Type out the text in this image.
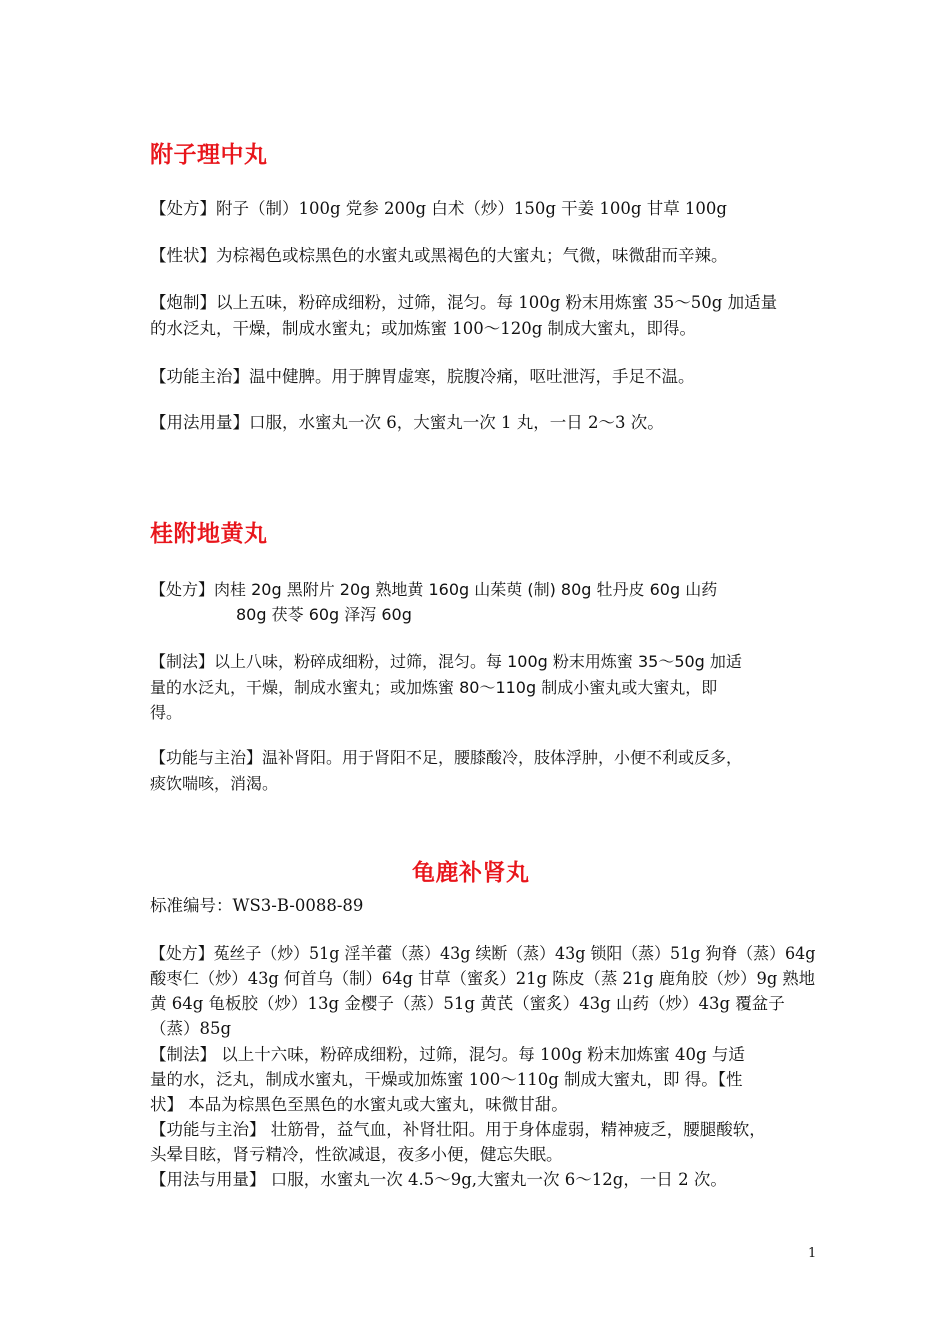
附子理中丸
【处方】附子（制）100g 党参 200g 白术（炒）150g 干姜 100g 甘草 100g
【性状】为棕褐色或棕黑色的水蜜丸或黑褐色的大蜜丸；气微，味微甜而辛辣。
【炮制】以上五味，粉碎成细粉，过筛，混匀。每 100g 粉末用炼蜜 35～50g 加适量
的水泛丸，干燥，制成水蜜丸；或加炼蜜 100～120g 制成大蜜丸，即得。
【功能主治】温中健脾。用于脾胃虚寒，脘腹冷痛，呕吐泄泻，手足不温。
【用法用量】口服，水蜜丸一次 6，大蜜丸一次 1 丸，一日 2～3 次。
桂附地黄丸
【处方】肉桂 20g 黑附片 20g 熟地黄 160g 山茱萸 (制) 80g 牡丹皮 60g 山药
80g 茯苓 60g 泽泻 60g
【制法】以上八味，粉碎成细粉，过筛，混匀。每 100g 粉末用炼蜜 35～50g 加适
量的水泛丸，干燥，制成水蜜丸；或加炼蜜 80～110g 制成小蜜丸或大蜜丸，即
得。
【功能与主治】温补肾阳。用于肾阳不足，腰膝酸冷，肢体浮肿，小便不利或反多，
痰饮喘咳，消渴。
龟鹿补肾丸
标准编号：WS3-B-0088-89
【处方】菟丝子（炒）51g 淫羊藿（蒸）43g 续断（蒸）43g 锁阳（蒸）51g 狗脊（蒸）64g
酸枣仁（炒）43g 何首乌（制）64g 甘草（蜜炙）21g 陈皮（蒸 21g 鹿角胶（炒）9g 熟地
黄 64g 龟板胶（炒）13g 金樱子（蒸）51g 黄芪（蜜炙）43g 山药（炒）43g 覆盆子
（蒸）85g
【制法】 以上十六味，粉碎成细粉，过筛，混匀。每 100g 粉末加炼蜜 40g 与适
量的水，泛丸，制成水蜜丸，干燥或加炼蜜 100～110g 制成大蜜丸，即 得。【性
状】 本品为棕黑色至黑色的水蜜丸或大蜜丸，味微甘甜。
【功能与主治】 壮筋骨，益气血，补肾壮阳。用于身体虚弱，精神疲乏，腰腿酸软，
头晕目眩，肾亏精冷，性欲减退，夜多小便，健忘失眠。
【用法与用量】 口服，水蜜丸一次 4.5～9g,大蜜丸一次 6～12g，一日 2 次。
1
